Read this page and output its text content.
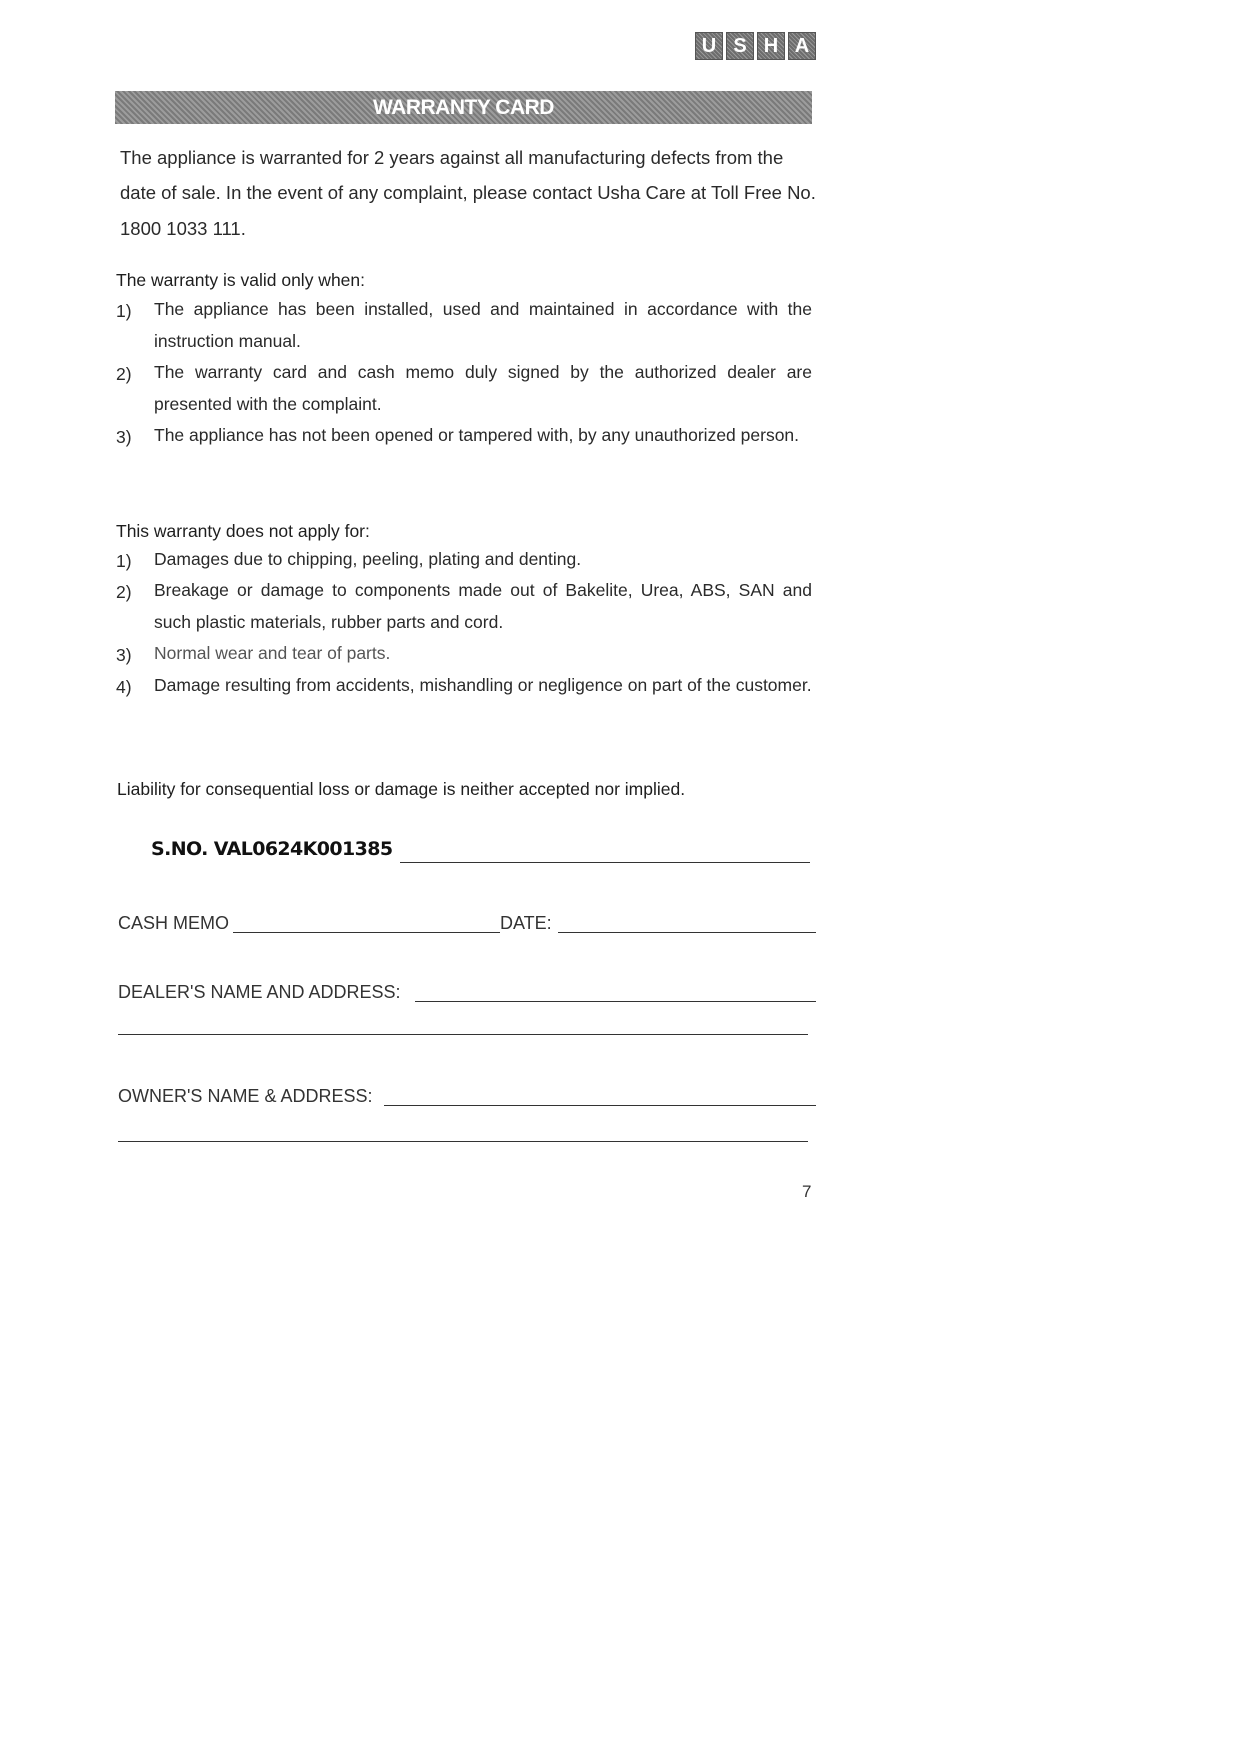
U S H A
WARRANTY CARD
The appliance is warranted for 2 years against all manufacturing defects from the
date of sale. In the event of any complaint, please contact Usha Care at Toll Free No.
1800 1033 111.
The warranty is valid only when:
1) The appliance has been installed, used and maintained in accordance with the instruction manual.
2) The warranty card and cash memo duly signed by the authorized dealer are presented with the complaint.
3) The appliance has not been opened or tampered with, by any unauthorized person.
This warranty does not apply for:
1) Damages due to chipping, peeling, plating and denting.
2) Breakage or damage to components made out of Bakelite, Urea, ABS, SAN and such plastic materials, rubber parts and cord.
3) Normal wear and tear of parts.
4) Damage resulting from accidents, mishandling or negligence on part of the customer.
Liability for consequential loss or damage is neither accepted nor implied.
S.NO. VAL0624K001385
CASH MEMO	DATE:
DEALER'S NAME AND ADDRESS:
OWNER'S NAME & ADDRESS:
7
